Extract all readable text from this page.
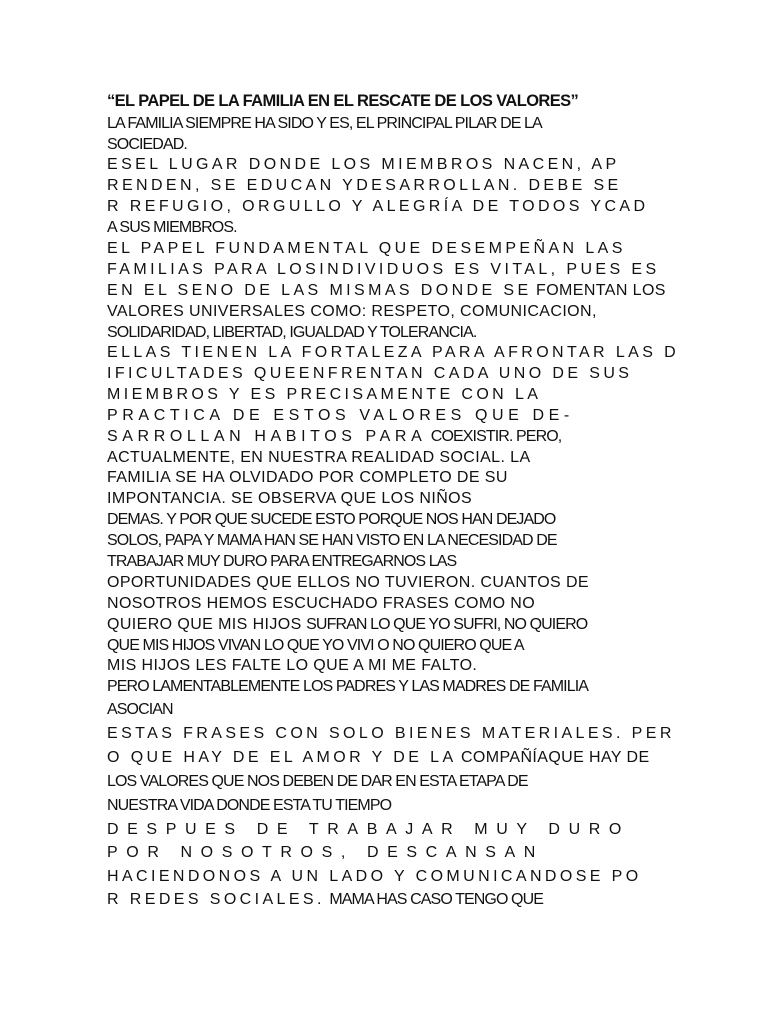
“EL PAPEL DE LA FAMILIA EN EL RESCATE DE LOS VALORES”

LA FAMILIA SIEMPRE HA SIDO Y ES, EL PRINCIPAL PILAR DE LA

SOCIEDAD.

ESEL LUGAR DONDE LOS MIEMBROS NACEN, AP

RENDEN, SE EDUCAN YDESARROLLAN. DEBE SE

R REFUGIO, ORGULLO Y ALEGRÍA DE TODOS YCAD

A SUS MIEMBROS.

EL PAPEL FUNDAMENTAL QUE DESEMPEÑAN LAS

FAMILIAS PARA LOSINDIVIDUOS ES VITAL, PUES ES

EN EL SENO DE LAS MISMAS DONDE SE FOMENTAN LOS

VALORES UNIVERSALES COMO: RESPETO, COMUNICACION,

SOLIDARIDAD, LIBERTAD, IGUALDAD Y TOLERANCIA.

ELLAS TIENEN LA FORTALEZA PARA AFRONTAR LAS D

IFICULTADES QUEENFRENTAN CADA UNO DE SUS

MIEMBROS Y ES PRECISAMENTE CON LA

PRACTICA DE ESTOS VALORES QUE DE-

SARROLLAN HABITOS PARA COEXISTIR. PERO,

ACTUALMENTE, EN NUESTRA REALIDAD SOCIAL. LA

FAMILIA SE HA OLVIDADO POR COMPLETO DE SU

IMPONTANCIA. SE OBSERVA QUE LOS NIÑOS

DEMAS. Y POR QUE SUCEDE ESTO PORQUE NOS HAN DEJADO

SOLOS, PAPA Y MAMA HAN SE HAN VISTO EN LA NECESIDAD DE

TRABAJAR MUY DURO PARA ENTREGARNOS LAS

OPORTUNIDADES QUE ELLOS NO TUVIERON. CUANTOS DE

NOSOTROS HEMOS ESCUCHADO FRASES COMO NO

QUIERO QUE MIS HIJOS SUFRAN LO QUE YO SUFRI, NO QUIERO

QUE MIS HIJOS VIVAN LO QUE YO VIVI O NO QUIERO QUE A

MIS HIJOS LES FALTE LO QUE A MI ME FALTO.

PERO LAMENTABLEMENTE LOS PADRES Y LAS MADRES DE FAMILIA

ASOCIAN

ESTAS FRASES CON SOLO BIENES MATERIALES. PER

O QUE HAY DE EL AMOR Y DE LA COMPAÑÍAQUE HAY DE

LOS VALORES QUE NOS DEBEN DE DAR EN ESTA ETAPA DE

NUESTRA VIDA DONDE ESTA TU TIEMPO

DESPUES DE TRABAJAR MUY DURO

POR NOSOTROS, DESCANSAN

HACIENDONOS A UN LADO Y COMUNICANDOSE PO

R REDES SOCIALES. MAMA HAS CASO TENGO QUE
